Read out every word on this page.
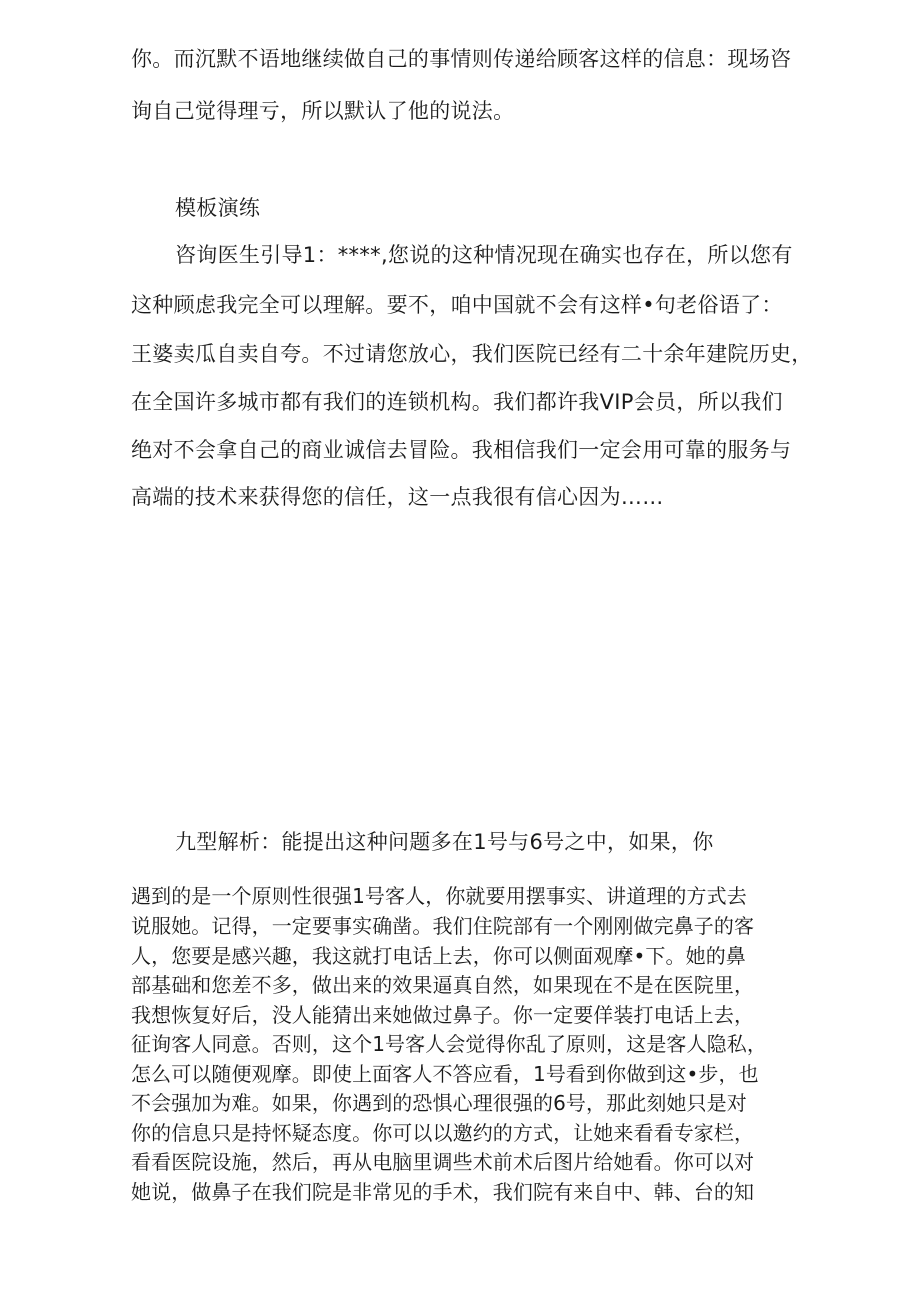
你。而沉默不语地继续做自己的事情则传递给顾客这样的信息：现场咨
询自己觉得理亏，所以默认了他的说法。
模板演练
咨询医生引导1：****,您说的这种情况现在确实也存在，所以您有
这种顾虑我完全可以理解。要不，咱中国就不会有这样•句老俗语了：
王婆卖瓜自卖自夸。不过请您放心，我们医院已经有二十余年建院历史，
在全国许多城市都有我们的连锁机构。我们都许我VIP会员，所以我们
绝对不会拿自己的商业诚信去冒险。我相信我们一定会用可靠的服务与
高端的技术来获得您的信任，这一点我很有信心因为……
九型解析：能提出这种问题多在1号与6号之中，如果，你
遇到的是一个原则性很强1号客人，你就要用摆事实、讲道理的方式去
说服她。记得，一定要事实确凿。我们住院部有一个刚刚做完鼻子的客
人，您要是感兴趣，我这就打电话上去，你可以侧面观摩•下。她的鼻
部基础和您差不多，做出来的效果逼真自然，如果现在不是在医院里，
我想恢复好后，没人能猜出来她做过鼻子。你一定要佯装打电话上去，
征询客人同意。否则，这个1号客人会觉得你乱了原则，这是客人隐私，
怎么可以随便观摩。即使上面客人不答应看，1号看到你做到这•步，也
不会强加为难。如果，你遇到的恐惧心理很强的6号，那此刻她只是对
你的信息只是持怀疑态度。你可以以邀约的方式，让她来看看专家栏，
看看医院设施，然后，再从电脑里调些术前术后图片给她看。你可以对
她说，做鼻子在我们院是非常见的手术，我们院有来自中、韩、台的知
